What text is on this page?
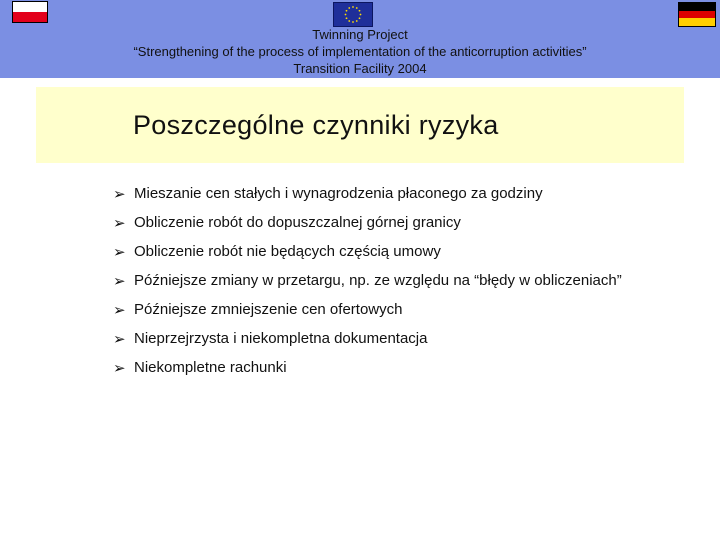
Twinning Project
“Strengthening of the process of implementation of the anticorruption activities”
Transition Facility 2004
Poszczególne czynniki ryzyka
➢ Mieszanie cen stałych i wynagrodzenia płaconego za godziny
➢ Obliczenie robót do dopuszczalnej górnej granicy
➢ Obliczenie robót nie będących częścią umowy
➢ Późniejsze zmiany w przetargu, np. ze względu na “błędy w obliczeniach”
➢ Późniejsze zmniejszenie cen ofertowych
➢ Nieprzejrzysta i niekompletna dokumentacja
➢ Niekompletne rachunki
